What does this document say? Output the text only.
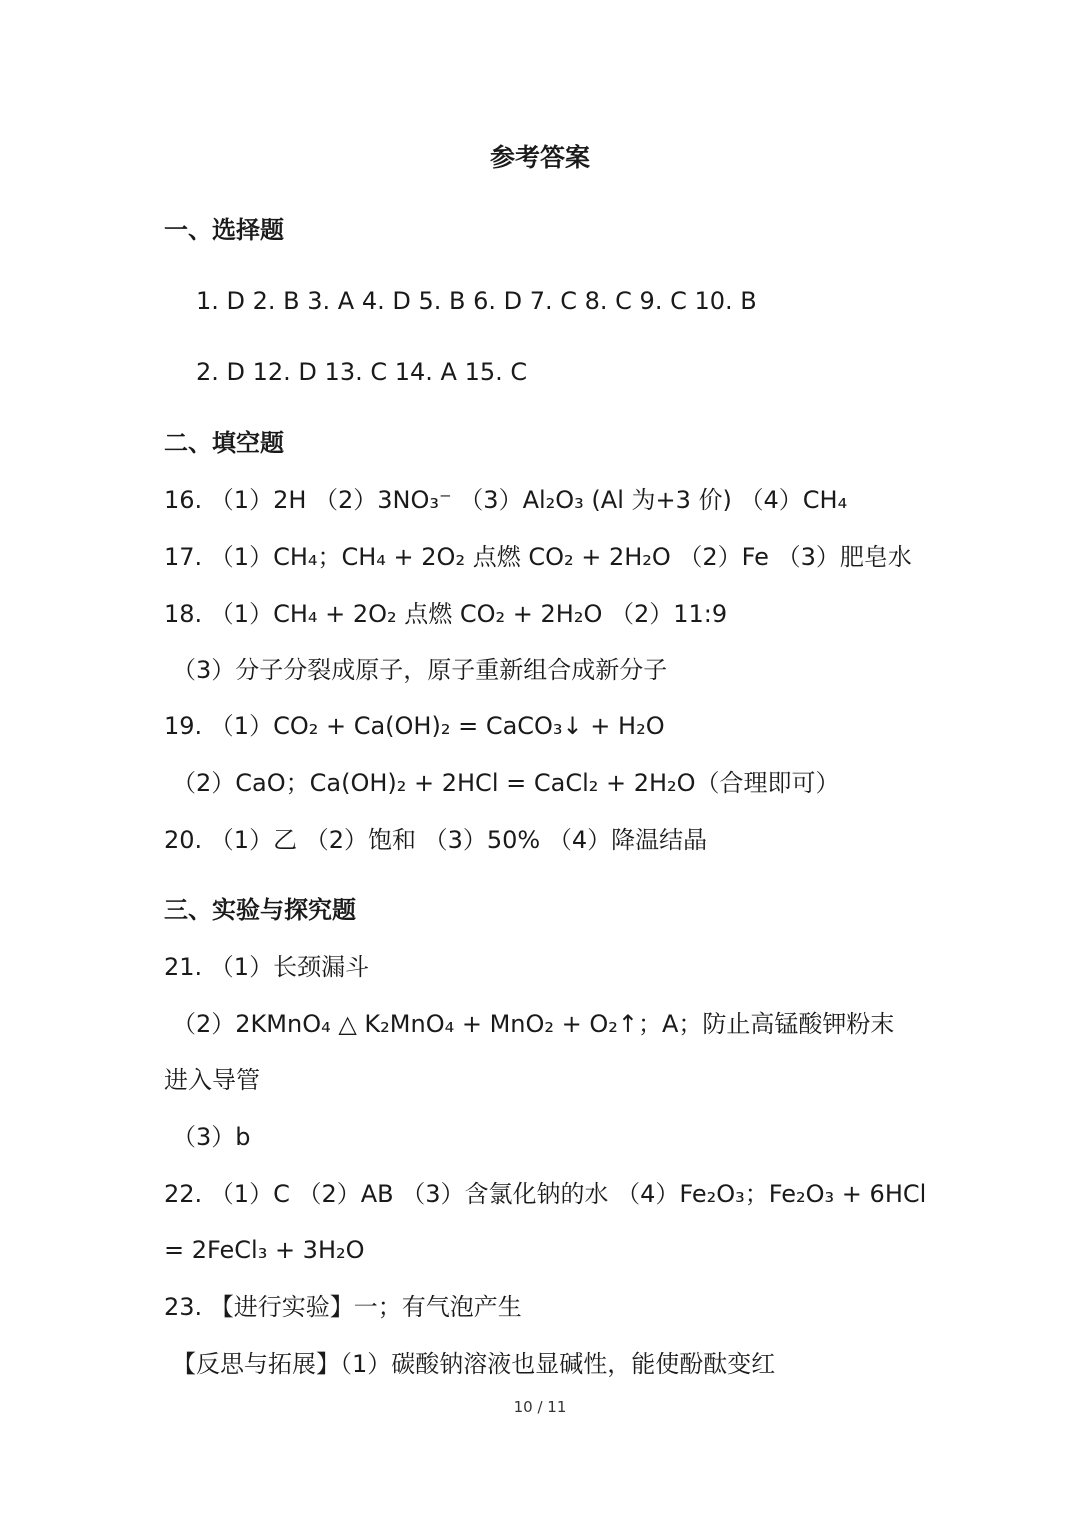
参考答案
一、选择题
1. D 2. B 3. A 4. D 5. B 6. D 7. C 8. C 9. C 10. B
2. D 12. D 13. C 14. A 15. C
二、填空题
16. （1）2H （2）3NO₃⁻ （3）Al₂O₃ (Al 为+3 价) （4）CH₄
17. （1）CH₄；CH₄ + 2O₂ 点燃 CO₂ + 2H₂O （2）Fe （3）肥皂水
18. （1）CH₄ + 2O₂ 点燃 CO₂ + 2H₂O （2）11:9
（3）分子分裂成原子，原子重新组合成新分子
19. （1）CO₂ + Ca(OH)₂ = CaCO₃↓ + H₂O
（2）CaO；Ca(OH)₂ + 2HCl = CaCl₂ + 2H₂O（合理即可）
20. （1）乙 （2）饱和 （3）50% （4）降温结晶
三、实验与探究题
21. （1）长颈漏斗
（2）2KMnO₄ △ K₂MnO₄ + MnO₂ + O₂↑；A；防止高锰酸钾粉末
进入导管
（3）b
22. （1）C （2）AB （3）含氯化钠的水 （4）Fe₂O₃；Fe₂O₃ + 6HCl
= 2FeCl₃ + 3H₂O
23. 【进行实验】一；有气泡产生
【反思与拓展】（1）碳酸钠溶液也显碱性，能使酚酞变红
10 / 11
